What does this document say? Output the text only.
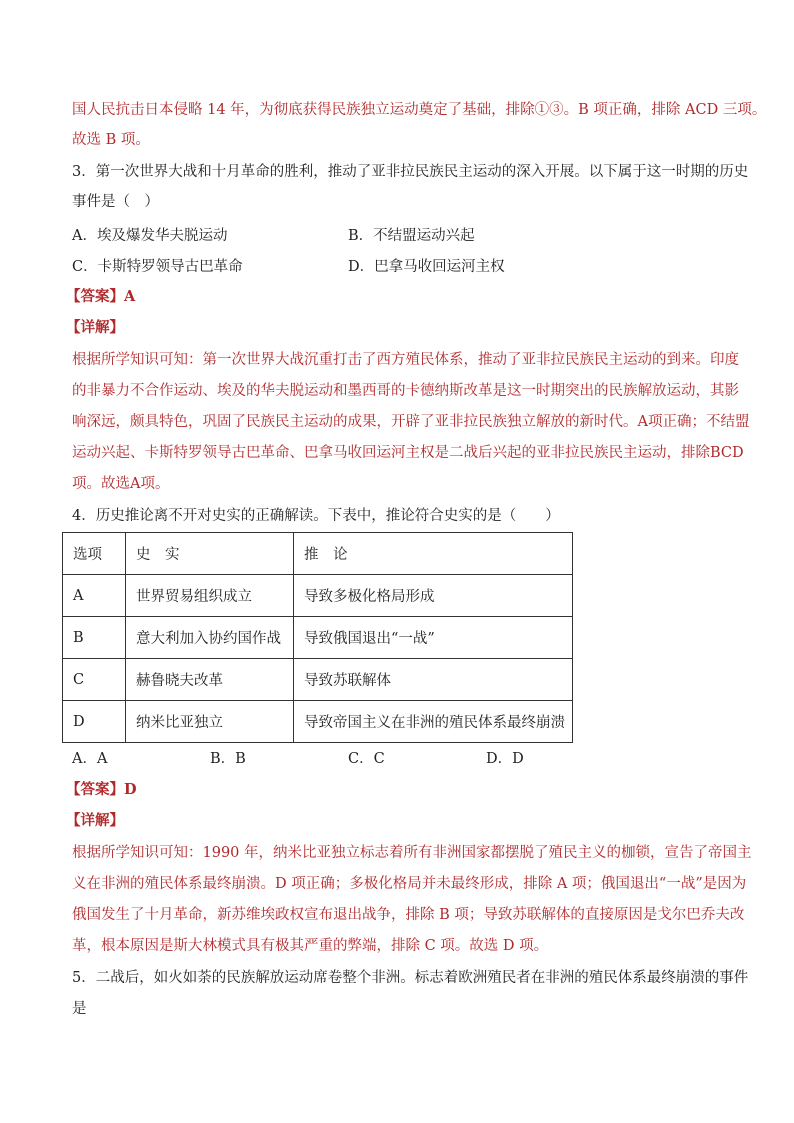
国人民抗击日本侵略 14 年，为彻底获得民族独立运动奠定了基础，排除①③。B 项正确，排除 ACD 三项。
故选 B 项。
3．第一次世界大战和十月革命的胜利，推动了亚非拉民族民主运动的深入开展。以下属于这一时期的历史
事件是（　）
A．埃及爆发华夫脱运动	B．不结盟运动兴起
C．卡斯特罗领导古巴革命	D．巴拿马收回运河主权
【答案】A
【详解】
根据所学知识可知：第一次世界大战沉重打击了西方殖民体系，推动了亚非拉民族民主运动的到来。印度
的非暴力不合作运动、埃及的华夫脱运动和墨西哥的卡德纳斯改革是这一时期突出的民族解放运动，其影
响深远，颇具特色，巩固了民族民主运动的成果，开辟了亚非拉民族独立解放的新时代。A项正确；不结盟
运动兴起、卡斯特罗领导古巴革命、巴拿马收回运河主权是二战后兴起的亚非拉民族民主运动，排除BCD
项。故选A项。
4．历史推论离不开对史实的正确解读。下表中，推论符合史实的是（　　）
选项	史　实	推　论
A	世界贸易组织成立	导致多极化格局形成
B	意大利加入协约国作战	导致俄国退出“一战”
C	赫鲁晓夫改革	导致苏联解体
D	纳米比亚独立	导致帝国主义在非洲的殖民体系最终崩溃
A．A	B．B	C．C	D．D
【答案】D
【详解】
根据所学知识可知：1990 年，纳米比亚独立标志着所有非洲国家都摆脱了殖民主义的枷锁，宣告了帝国主
义在非洲的殖民体系最终崩溃。D 项正确；多极化格局并未最终形成，排除 A 项；俄国退出“一战”是因为
俄国发生了十月革命，新苏维埃政权宣布退出战争，排除 B 项；导致苏联解体的直接原因是戈尔巴乔夫改
革，根本原因是斯大林模式具有极其严重的弊端，排除 C 项。故选 D 项。
5．二战后，如火如荼的民族解放运动席卷整个非洲。标志着欧洲殖民者在非洲的殖民体系最终崩溃的事件
是
